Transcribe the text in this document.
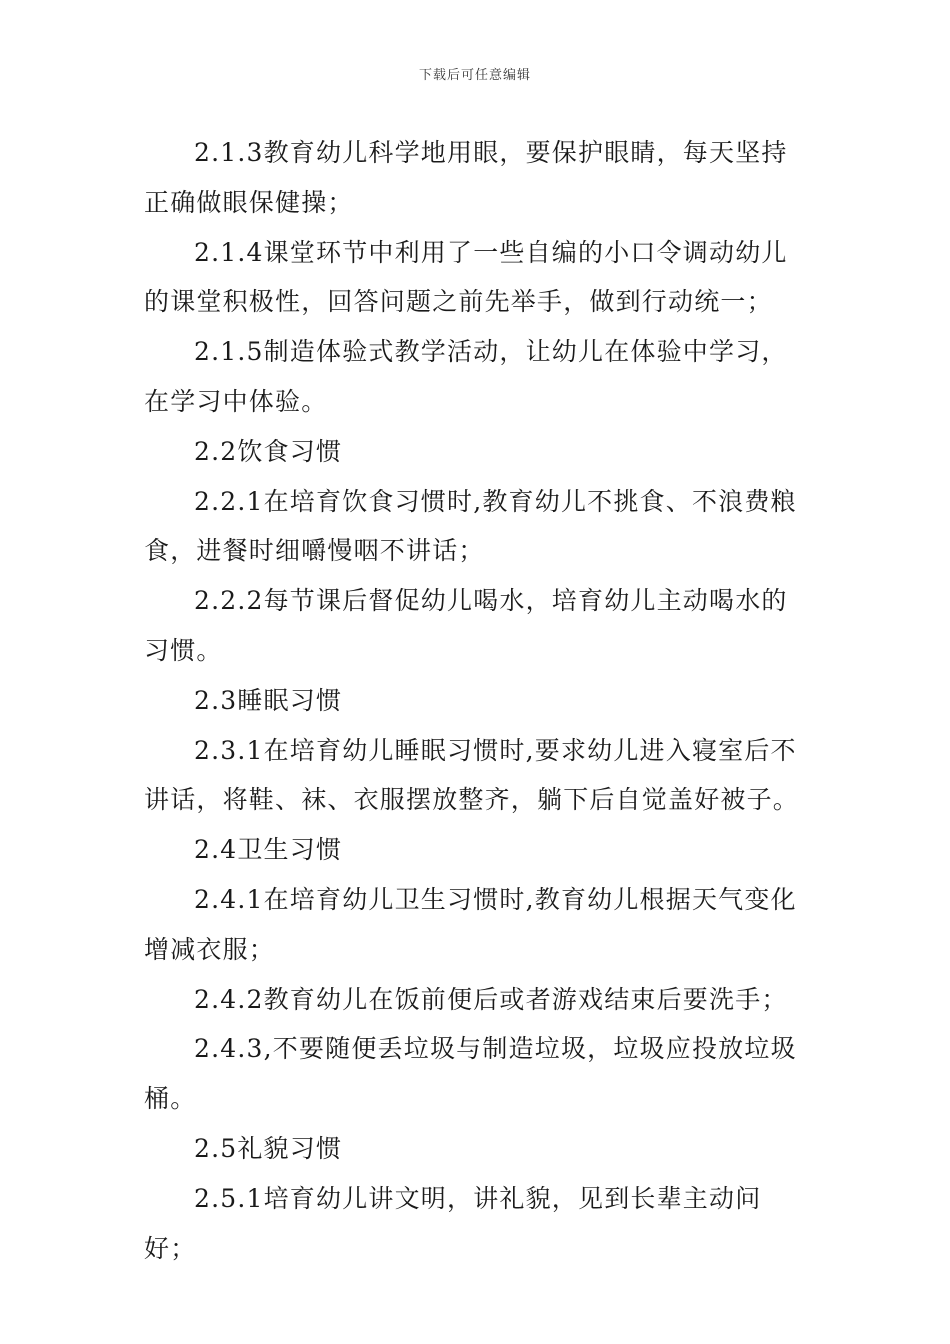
下载后可任意编辑

2.1.3教育幼儿科学地用眼，要保护眼睛，每天坚持正确做眼保健操；

2.1.4课堂环节中利用了一些自编的小口令调动幼儿的课堂积极性，回答问题之前先举手，做到行动统一；

2.1.5制造体验式教学活动，让幼儿在体验中学习，在学习中体验。

2.2饮食习惯

2.2.1在培育饮食习惯时,教育幼儿不挑食、不浪费粮食，进餐时细嚼慢咽不讲话；

2.2.2每节课后督促幼儿喝水，培育幼儿主动喝水的习惯。

2.3睡眠习惯

2.3.1在培育幼儿睡眠习惯时,要求幼儿进入寝室后不讲话，将鞋、袜、衣服摆放整齐，躺下后自觉盖好被子。

2.4卫生习惯

2.4.1在培育幼儿卫生习惯时,教育幼儿根据天气变化增减衣服；

2.4.2教育幼儿在饭前便后或者游戏结束后要洗手；

2.4.3,不要随便丢垃圾与制造垃圾，垃圾应投放垃圾桶。

2.5礼貌习惯

2.5.1培育幼儿讲文明，讲礼貌，见到长辈主动问好；
